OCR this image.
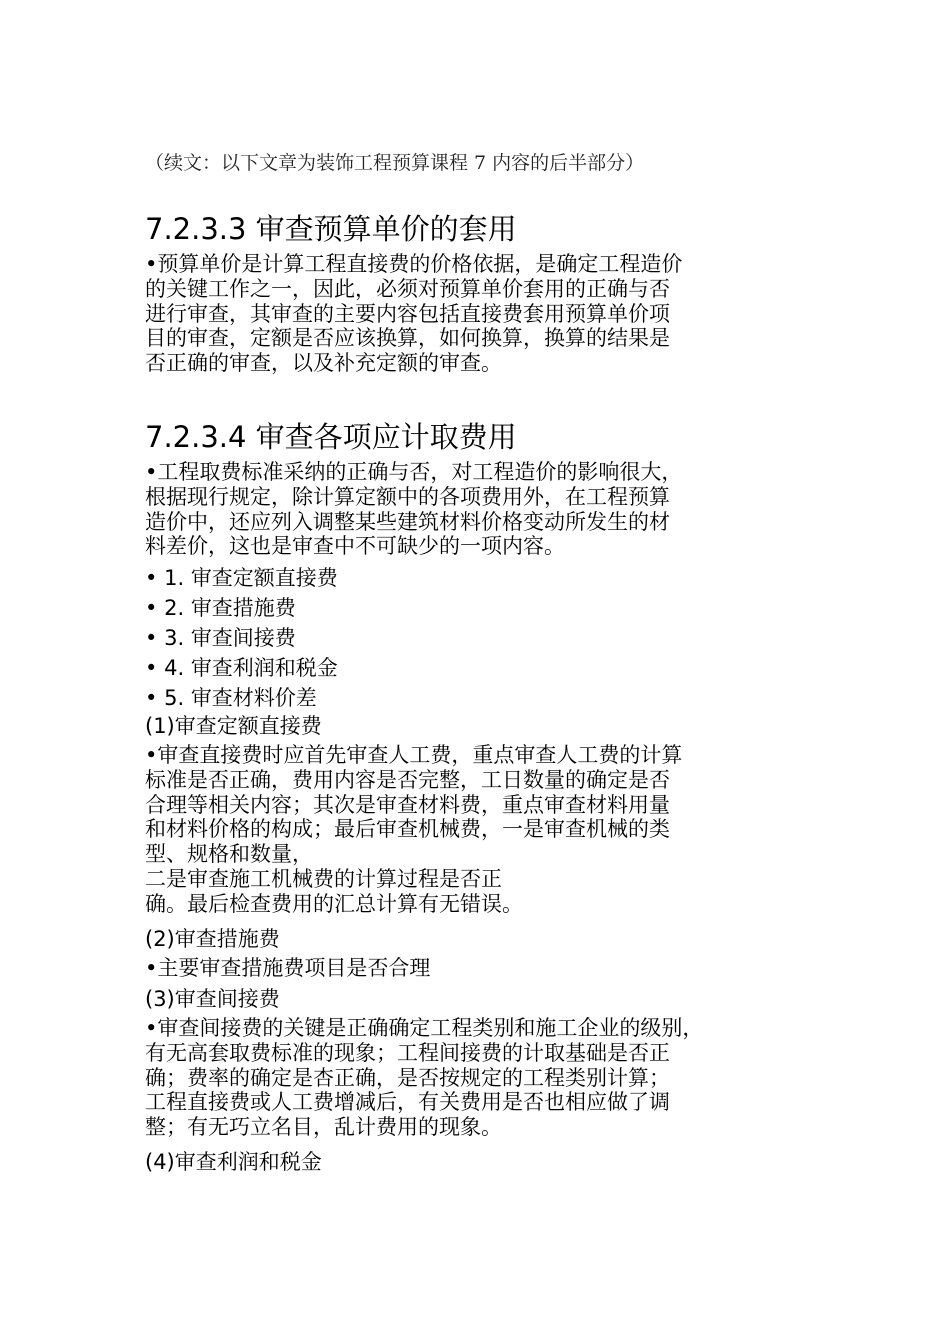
（续文：以下文章为装饰工程预算课程 7 内容的后半部分）
7.2.3.3 审查预算单价的套用
•预算单价是计算工程直接费的价格依据，是确定工程造价
的关键工作之一，因此，必须对预算单价套用的正确与否
进行审查，其审查的主要内容包括直接费套用预算单价项
目的审查，定额是否应该换算，如何换算，换算的结果是
否正确的审查，以及补充定额的审查。
7.2.3.4 审查各项应计取费用
•工程取费标准采纳的正确与否，对工程造价的影响很大，
根据现行规定，除计算定额中的各项费用外，在工程预算
造价中，还应列入调整某些建筑材料价格变动所发生的材
料差价，这也是审查中不可缺少的一项内容。
• 1. 审查定额直接费
• 2. 审查措施费
• 3. 审查间接费
• 4. 审查利润和税金
• 5. 审查材料价差
(1)审查定额直接费
•审查直接费时应首先审查人工费，重点审查人工费的计算
标准是否正确，费用内容是否完整，工日数量的确定是否
合理等相关内容；其次是审查材料费，重点审查材料用量
和材料价格的构成；最后审查机械费，一是审查机械的类
型、规格和数量，
二是审查施工机械费的计算过程是否正
确。最后检查费用的汇总计算有无错误。
(2)审查措施费
•主要审查措施费项目是否合理
(3)审查间接费
•审查间接费的关键是正确确定工程类别和施工企业的级别，
有无高套取费标准的现象；工程间接费的计取基础是否正
确；费率的确定是杏正确，是否按规定的工程类别计算；
工程直接费或人工费增减后，有关费用是否也相应做了调
整；有无巧立名目，乱计费用的现象。
(4)审查利润和税金
